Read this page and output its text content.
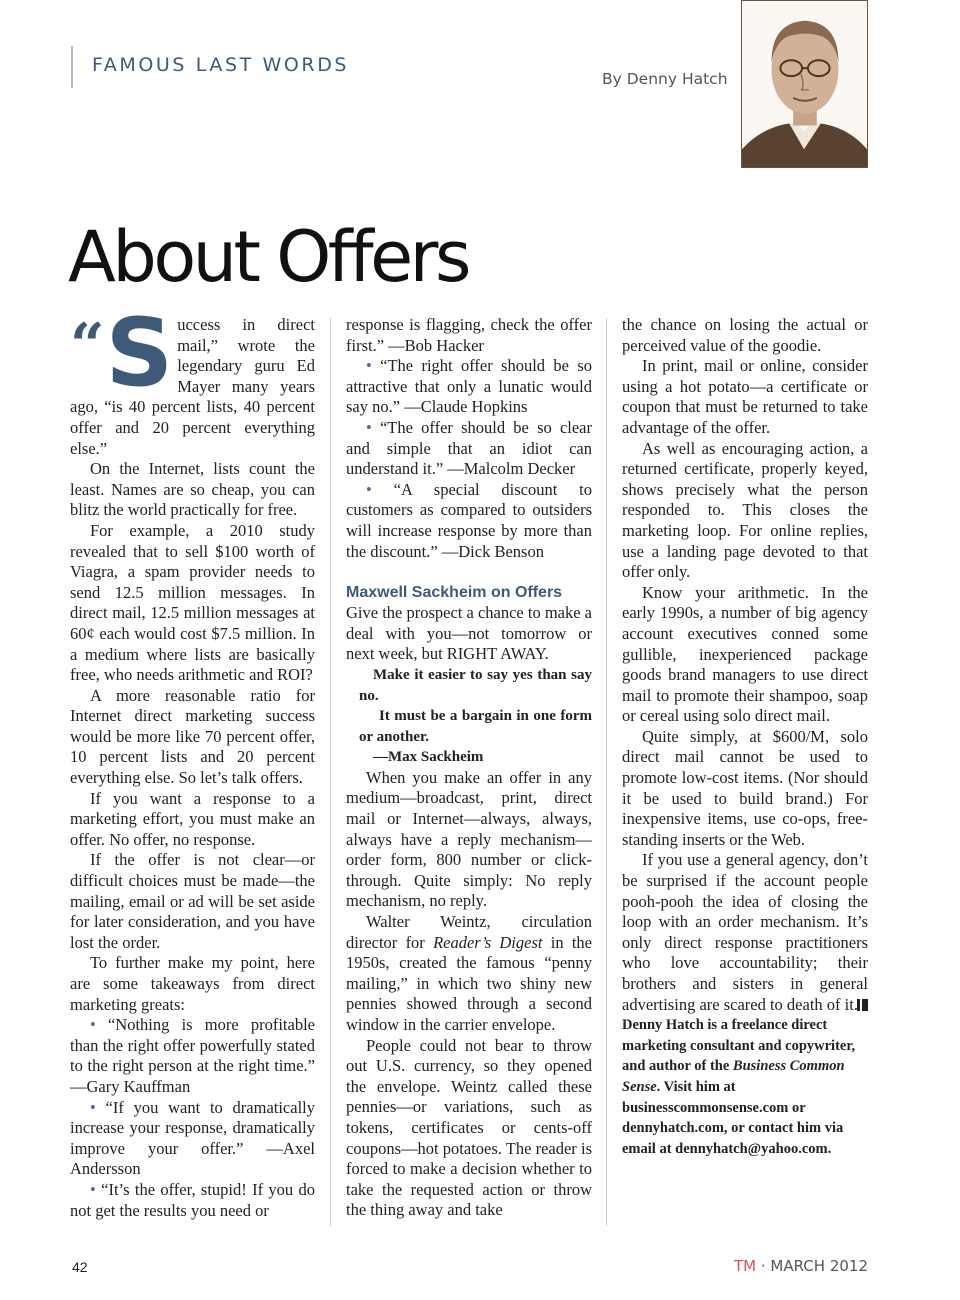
FAMOUS LAST WORDS
By Denny Hatch
About Offers
“ S uccess in direct mail,” wrote the legendary guru Ed Mayer many years ago, “is 40 percent lists, 40 percent offer and 20 percent everything else.”

On the Internet, lists count the least. Names are so cheap, you can blitz the world practically for free.

For example, a 2010 study revealed that to sell $100 worth of Viagra, a spam provider needs to send 12.5 million messages. In direct mail, 12.5 million messages at 60¢ each would cost $7.5 million. In a medium where lists are basically free, who needs arithmetic and ROI?

A more reasonable ratio for Internet direct marketing success would be more like 70 percent offer, 10 percent lists and 20 percent everything else. So let’s talk offers.

If you want a response to a marketing effort, you must make an offer. No offer, no response.

If the offer is not clear—or difficult choices must be made—the mailing, email or ad will be set aside for later consideration, and you have lost the order.

To further make my point, here are some takeaways from direct marketing greats:

• “Nothing is more profitable than the right offer powerfully stated to the right person at the right time.” —Gary Kauffman

• “If you want to dramatically increase your response, dramatically improve your offer.” —Axel Andersson

• “It’s the offer, stupid! If you do not get the results you need or

response is flagging, check the offer first.” —Bob Hacker

• “The right offer should be so attractive that only a lunatic would say no.” —Claude Hopkins

• “The offer should be so clear and simple that an idiot can understand it.” —Malcolm Decker

• “A special discount to customers as compared to outsiders will increase response by more than the discount.” —Dick Benson

Maxwell Sackheim on Offers

Give the prospect a chance to make a deal with you—not tomorrow or next week, but RIGHT AWAY.

Make it easier to say yes than say no.

It must be a bargain in one form or another.

—Max Sackheim

When you make an offer in any medium—broadcast, print, direct mail or Internet—always, always, always have a reply mechanism—order form, 800 number or click-through. Quite simply: No reply mechanism, no reply.

Walter Weintz, circulation director for Reader’s Digest in the 1950s, created the famous “penny mailing,” in which two shiny new pennies showed through a second window in the carrier envelope.

People could not bear to throw out U.S. currency, so they opened the envelope. Weintz called these pennies—or variations, such as tokens, certificates or cents-off coupons—hot potatoes. The reader is forced to make a decision whether to take the requested action or throw the thing away and take

the chance on losing the actual or perceived value of the goodie.

In print, mail or online, consider using a hot potato—a certificate or coupon that must be returned to take advantage of the offer.

As well as encouraging action, a returned certificate, properly keyed, shows precisely what the person responded to. This closes the marketing loop. For online replies, use a landing page devoted to that offer only.

Know your arithmetic. In the early 1990s, a number of big agency account executives conned some gullible, inexperienced package goods brand managers to use direct mail to promote their shampoo, soap or cereal using solo direct mail.

Quite simply, at $600/M, solo direct mail cannot be used to promote low-cost items. (Nor should it be used to build brand.) For inexpensive items, use co-ops, free-standing inserts or the Web.

If you use a general agency, don’t be surprised if the account people pooh-pooh the idea of closing the loop with an order mechanism. It’s only direct response practitioners who love accountability; their brothers and sisters in general advertising are scared to death of it.

Denny Hatch is a freelance direct marketing consultant and copywriter, and author of the Business Common Sense. Visit him at businesscommonsense.com or dennyhatch.com, or contact him via email at dennyhatch@yahoo.com.

42	TM · MARCH 2012
